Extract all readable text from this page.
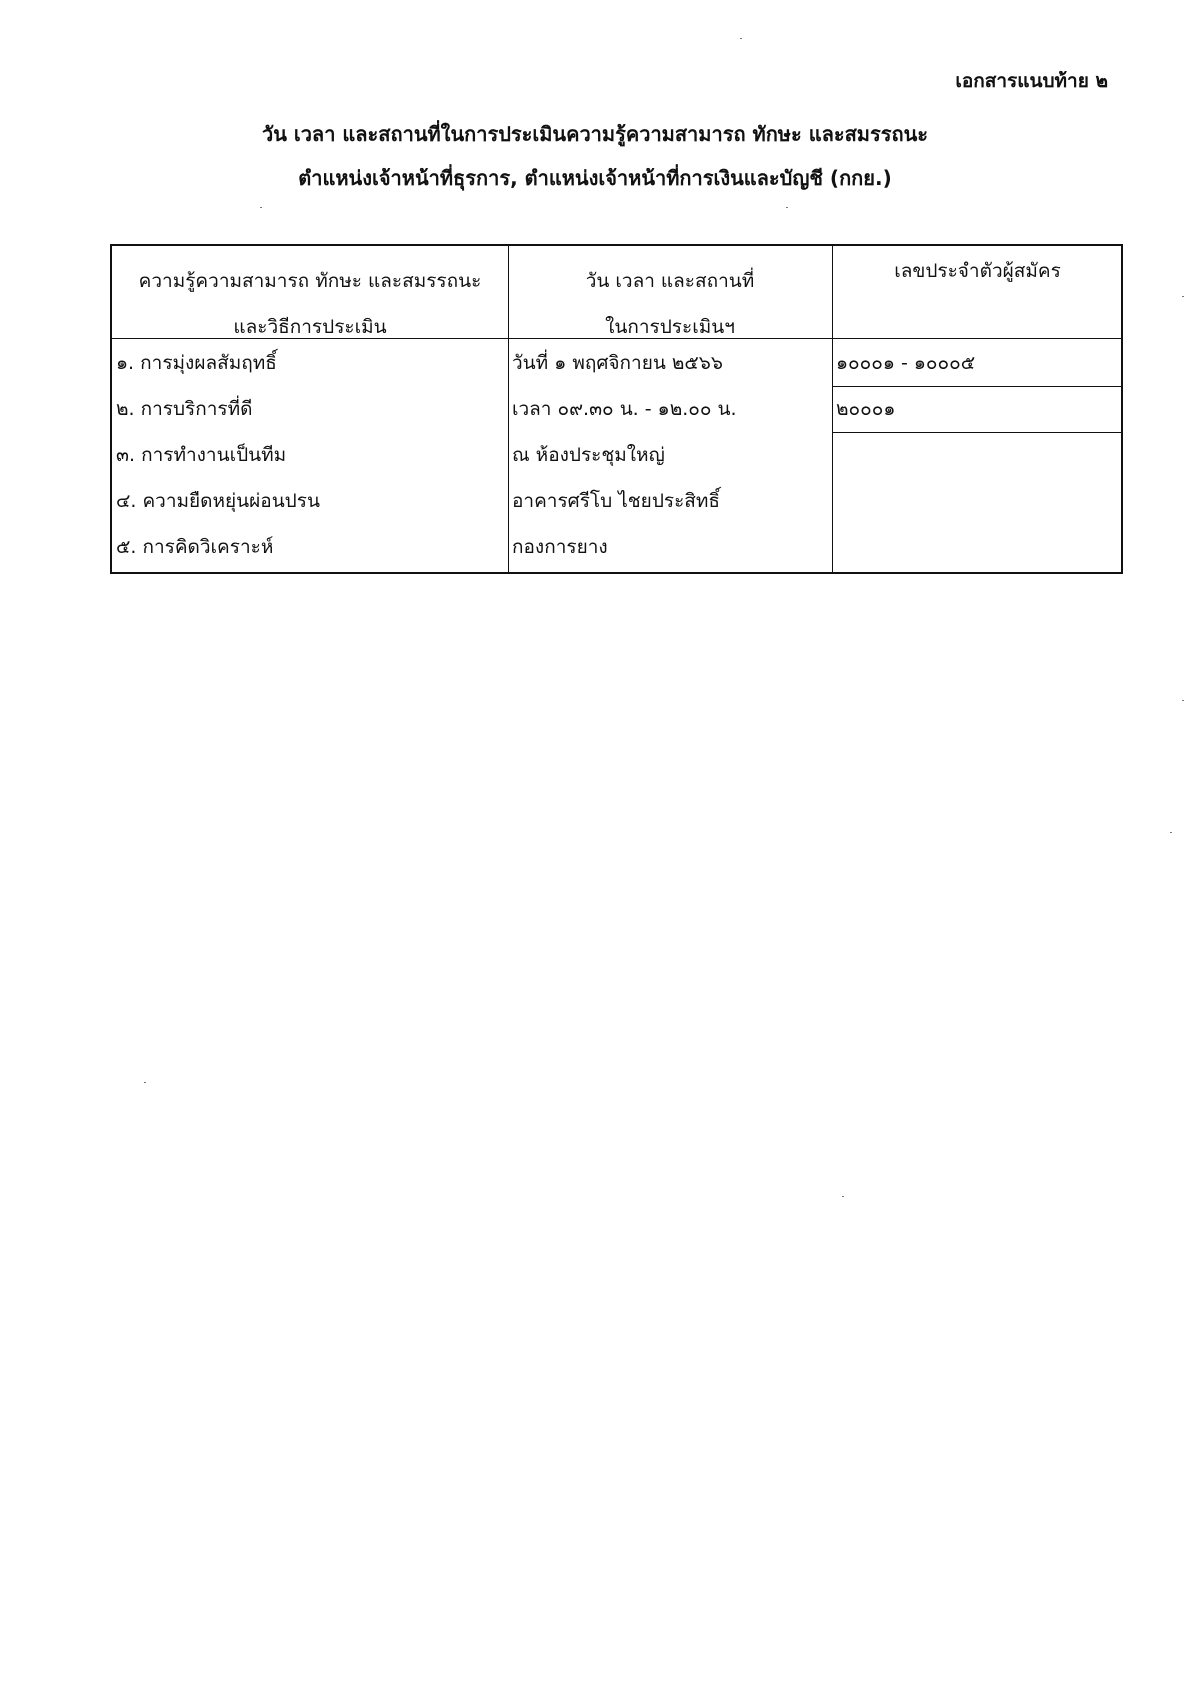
เอกสารแนบท้าย ๒
วัน เวลา และสถานที่ในการประเมินความรู้ความสามารถ ทักษะ และสมรรถนะ
ตำแหน่งเจ้าหน้าที่ธุรการ, ตำแหน่งเจ้าหน้าที่การเงินและบัญชี (กกย.)
ความรู้ความสามารถ ทักษะ และสมรรถนะ
และวิธีการประเมิน
วัน เวลา และสถานที่
ในการประเมินฯ
เลขประจำตัวผู้สมัคร
๑. การมุ่งผลสัมฤทธิ์
๒. การบริการที่ดี
๓. การทำงานเป็นทีม
๔. ความยืดหยุ่นผ่อนปรน
๕. การคิดวิเคราะห์
วันที่ ๑ พฤศจิกายน ๒๕๖๖
เวลา ๐๙.๓๐ น. - ๑๒.๐๐ น.
ณ ห้องประชุมใหญ่
อาคารศรีโบ ไชยประสิทธิ์
กองการยาง
๑๐๐๐๑ - ๑๐๐๐๕
๒๐๐๐๑
